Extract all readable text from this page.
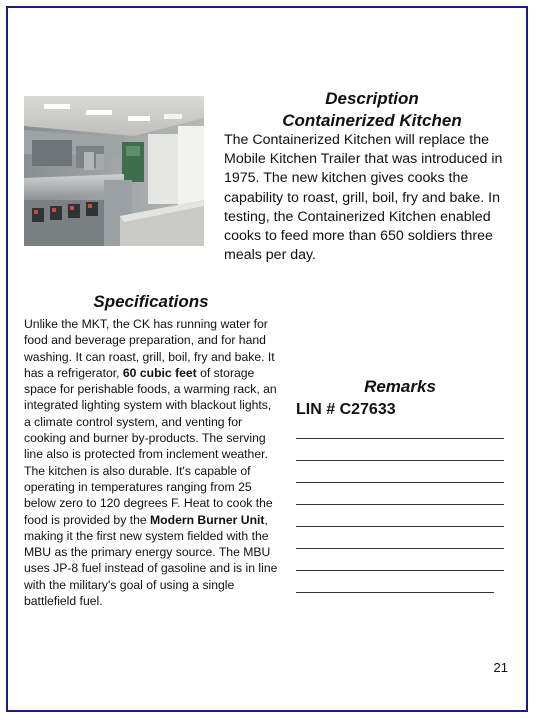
Description
Containerized Kitchen
The Containerized Kitchen will replace the Mobile Kitchen Trailer that was introduced in 1975. The new kitchen gives cooks the capability to roast, grill, boil, fry and bake. In testing, the Containerized Kitchen enabled cooks to feed more than 650 soldiers three meals per day.
Specifications

Unlike the MKT, the CK has running water for food and beverage preparation, and for hand washing. It can roast, grill, boil, fry and bake. It has a refrigerator, 60 cubic feet of storage space for perishable foods, a warming rack, an integrated lighting system with blackout lights, a climate control system, and venting for cooking and burner by-products. The serving line also is protected from inclement weather.

The kitchen is also durable. It's capable of operating in temperatures ranging from 25 below zero to 120 degrees F. Heat to cook the food is provided by the Modern Burner Unit, making it the first new system fielded with the MBU as the primary energy source. The MBU uses JP-8 fuel instead of gasoline and is in line with the military's goal of using a single battlefield fuel.

Remarks
LIN # C27633
21
